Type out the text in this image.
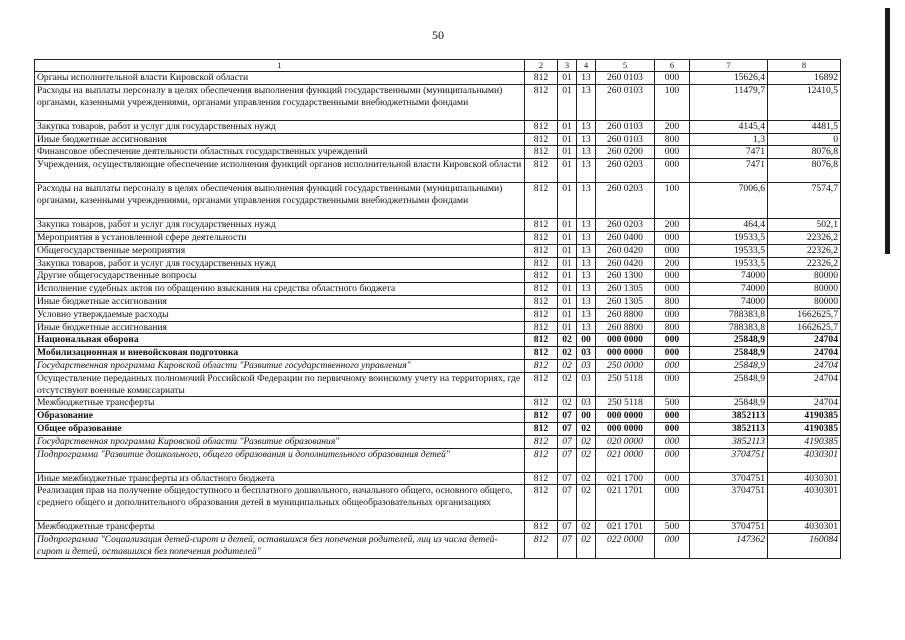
50
1	2	3	4	5	6	7	8
Органы исполнительной власти Кировской области	812	01	13	260 0103	000	15626,4	16892
Расходы на выплаты персоналу в целях обеспечения выполнения функций государственными (муниципальными) органами, казенными учреждениями, органами управления государственными внебюджетными фондами	812	01	13	260 0103	100	11479,7	12410,5
Закупка товаров, работ и услуг для государственных нужд	812	01	13	260 0103	200	4145,4	4481,5
Иные бюджетные ассигнования	812	01	13	260 0103	800	1,3	0
Финансовое обеспечение деятельности областных государственных учреждений	812	01	13	260 0200	000	7471	8076,8
Учреждения, осуществляющие обеспечение исполнения функций органов исполнительной власти Кировской области	812	01	13	260 0203	000	7471	8076,8
Расходы на выплаты персоналу в целях обеспечения выполнения функций государственными (муниципальными) органами, казенными учреждениями, органами управления государственными внебюджетными фондами	812	01	13	260 0203	100	7006,6	7574,7
Закупка товаров, работ и услуг для государственных нужд	812	01	13	260 0203	200	464,4	502,1
Мероприятия в установленной сфере деятельности	812	01	13	260 0400	000	19533,5	22326,2
Общегосударственные мероприятия	812	01	13	260 0420	000	19533,5	22326,2
Закупка товаров, работ и услуг для государственных нужд	812	01	13	260 0420	200	19533,5	22326,2
Другие общегосударственные вопросы	812	01	13	260 1300	000	74000	80000
Исполнение судебных актов по обращению взыскания на средства областного бюджета	812	01	13	260 1305	000	74000	80000
Иные бюджетные ассигнования	812	01	13	260 1305	800	74000	80000
Условно утверждаемые расходы	812	01	13	260 8800	000	788383,8	1662625,7
Иные бюджетные ассигнования	812	01	13	260 8800	800	788383,8	1662625,7
Национальная оборона	812	02	00	000 0000	000	25848,9	24704
Мобилизационная и вневойсковая подготовка	812	02	03	000 0000	000	25848,9	24704
Государственная программа Кировской области "Развитие государственного управления"	812	02	03	250 0000	000	25848,9	24704
Осуществление переданных полномочий Российской Федерации по первичному воинскому учету на территориях, где отсутствуют военные комиссариаты	812	02	03	250 5118	000	25848,9	24704
Межбюджетные трансферты	812	02	03	250 5118	500	25848,9	24704
Образование	812	07	00	000 0000	000	3852113	4190385
Общее образование	812	07	02	000 0000	000	3852113	4190385
Государственная программа Кировской области "Развитие образования"	812	07	02	020 0000	000	3852113	4190385
Подпрограмма "Развитие дошкольного, общего образования и дополнительного образования детей"	812	07	02	021 0000	000	3704751	4030301
Иные межбюджетные трансферты из областного бюджета	812	07	02	021 1700	000	3704751	4030301
Реализация прав на получение общедоступного и бесплатного дошкольного, начального общего, основного общего, среднего общего и дополнительного образования детей в муниципальных общеобразовательных организациях	812	07	02	021 1701	000	3704751	4030301
Межбюджетные трансферты	812	07	02	021 1701	500	3704751	4030301
Подпрограмма "Социализация детей-сирот и детей, оставшихся без попечения родителей, лиц из числа детей-сирот и детей, оставшихся без попечения родителей"	812	07	02	022 0000	000	147362	160084
